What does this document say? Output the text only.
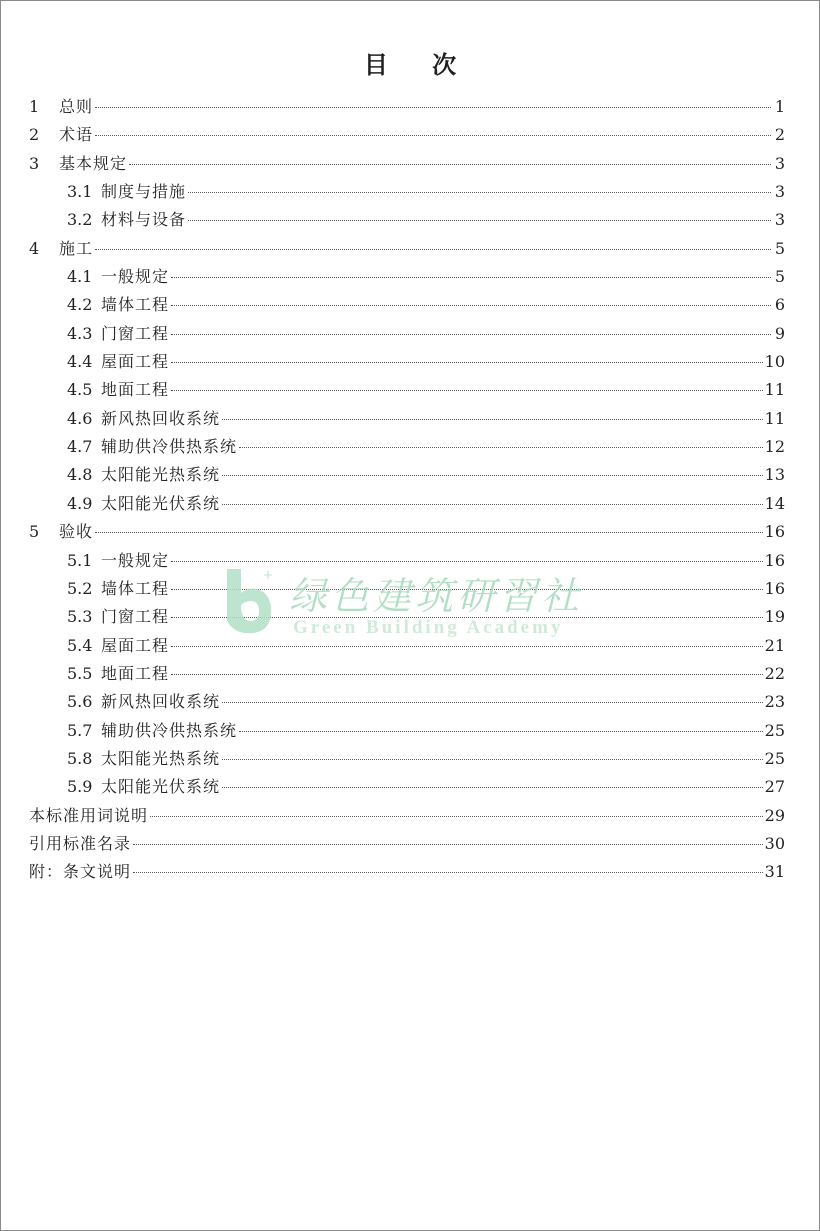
目 次
1	总则	1
2	术语	2
3	基本规定	3
3.1 制度与措施	3
3.2 材料与设备	3
4	施工	5
4.1 一般规定	5
4.2 墙体工程	6
4.3 门窗工程	9
4.4 屋面工程	10
4.5 地面工程	11
4.6 新风热回收系统	11
4.7 辅助供冷供热系统	12
4.8 太阳能光热系统	13
4.9 太阳能光伏系统	14
5	验收	16
5.1 一般规定	16
5.2 墙体工程	16
5.3 门窗工程	19
5.4 屋面工程	21
5.5 地面工程	22
5.6 新风热回收系统	23
5.7 辅助供冷供热系统	25
5.8 太阳能光热系统	25
5.9 太阳能光伏系统	27
本标准用词说明	29
引用标准名录	30
附：条文说明	31
+ 绿色建筑研習社
Green Building Academy
